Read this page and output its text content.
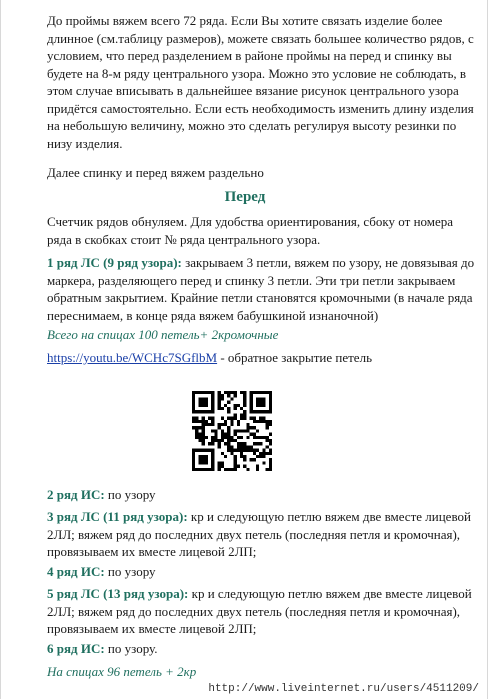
До проймы вяжем всего 72 ряда. Если Вы хотите связать изделие более длинное (см.таблицу размеров), можете связать большее количество рядов, с условием, что перед разделением в районе проймы на перед и спинку вы будете на 8-м ряду центрального узора. Можно это условие не соблюдать, в этом случае вписывать в дальнейшее вязание рисунок центрального узора придётся самостоятельно. Если есть необходимость изменить длину изделия на небольшую величину, можно это сделать регулируя высоту резинки по низу изделия.

Далее спинку и перед вяжем раздельно

Перед

Счетчик рядов обнуляем. Для удобства ориентирования, сбоку от номера ряда в скобках стоит № ряда центрального узора.

1 ряд ЛС (9 ряд узора): закрываем 3 петли, вяжем по узору, не довязывая до маркера, разделяющего перед и спинку 3 петли. Эти три петли закрываем обратным закрытием. Крайние петли становятся кромочными (в начале ряда переснимаем, в конце ряда вяжем бабушкиной изнаночной)

Всего на спицах 100 петель+ 2кромочные

https://youtu.be/WCHc7SGflbM - обратное закрытие петель

2 ряд ИС: по узору

3 ряд ЛС (11 ряд узора): кр и следующую петлю вяжем две вместе лицевой 2ЛЛ; вяжем ряд до последних двух петель (последняя петля и кромочная), провязываем их вместе лицевой 2ЛП;

4 ряд ИС: по узору

5 ряд ЛС (13 ряд узора): кр и следующую петлю вяжем две вместе лицевой 2ЛЛ; вяжем ряд до последних двух петель (последняя петля и кромочная), провязываем их вместе лицевой 2ЛП;

6 ряд ИС: по узору.

На спицах 96 петель + 2кр

http://www.liveinternet.ru/users/4511209/
